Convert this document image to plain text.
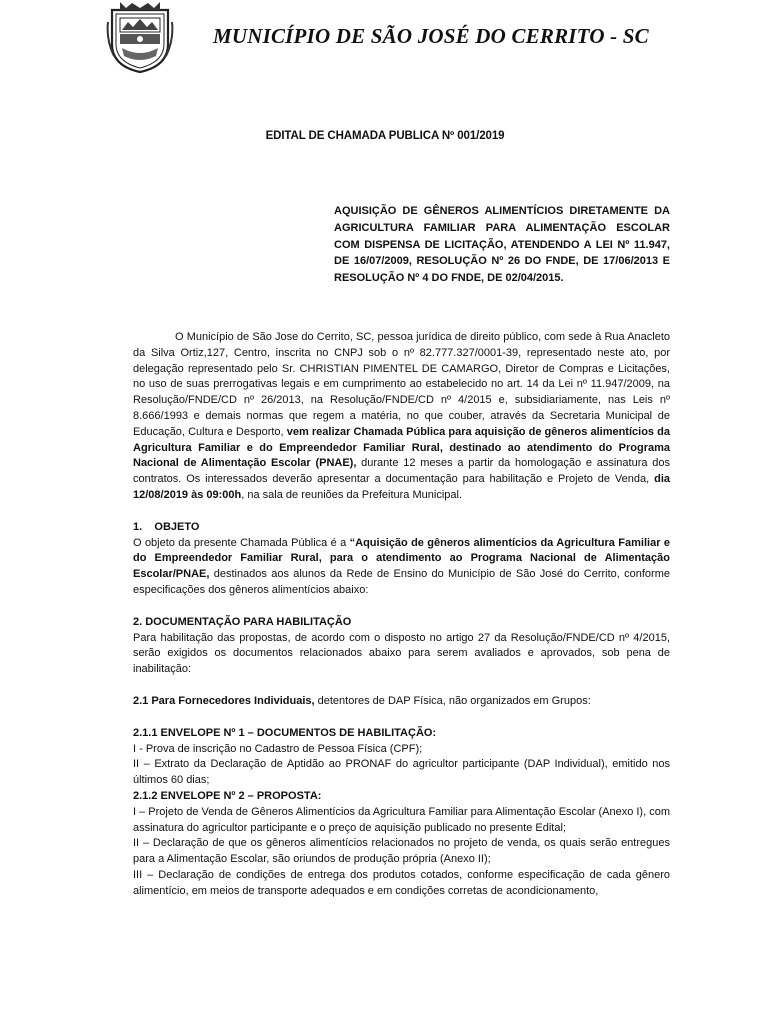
MUNICÍPIO DE SÃO JOSÉ DO CERRITO - SC
EDITAL DE CHAMADA PUBLICA Nº 001/2019
AQUISIÇÃO DE GÊNEROS ALIMENTÍCIOS DIRETAMENTE DA AGRICULTURA FAMILIAR PARA ALIMENTAÇÃO ESCOLAR COM DISPENSA DE LICITAÇÃO, ATENDENDO A LEI Nº 11.947, DE 16/07/2009, RESOLUÇÃO Nº 26 DO FNDE, DE 17/06/2013 E RESOLUÇÃO Nº 4 DO FNDE, DE 02/04/2015.

O Município de São Jose do Cerrito, SC, pessoa jurídica de direito público, com sede à Rua Anacleto da Silva Ortiz,127, Centro, inscrita no CNPJ sob o nº 82.777.327/0001-39, representado neste ato, por delegação representado pelo Sr. CHRISTIAN PIMENTEL DE CAMARGO, Diretor de Compras e Licitações, no uso de suas prerrogativas legais e em cumprimento ao estabelecido no art. 14 da Lei nº 11.947/2009, na Resolução/FNDE/CD nº 26/2013, na Resolução/FNDE/CD nº 4/2015 e, subsidiariamente, nas Leis nº 8.666/1993 e demais normas que regem a matéria, no que couber, através da Secretaria Municipal de Educação, Cultura e Desporto, vem realizar Chamada Pública para aquisição de gêneros alimentícios da Agricultura Familiar e do Empreendedor Familiar Rural, destinado ao atendimento do Programa Nacional de Alimentação Escolar (PNAE), durante 12 meses a partir da homologação e assinatura dos contratos. Os interessados deverão apresentar a documentação para habilitação e Projeto de Venda, dia 12/08/2019 às 09:00h, na sala de reuniões da Prefeitura Municipal.

1.    OBJETO

O objeto da presente Chamada Pública é a “Aquisição de gêneros alimentícios da Agricultura Familiar e do Empreendedor Familiar Rural, para o atendimento ao Programa Nacional de Alimentação Escolar/PNAE, destinados aos alunos da Rede de Ensino do Município de São José do Cerrito, conforme especificações dos gêneros alimentícios abaixo:

2. DOCUMENTAÇÃO PARA HABILITAÇÃO

Para habilitação das propostas, de acordo com o disposto no artigo 27 da Resolução/FNDE/CD nº 4/2015, serão exigidos os documentos relacionados abaixo para serem avaliados e aprovados, sob pena de inabilitação:

2.1 Para Fornecedores Individuais, detentores de DAP Física, não organizados em Grupos:

2.1.1 ENVELOPE Nº 1 – DOCUMENTOS DE HABILITAÇÃO:

I - Prova de inscrição no Cadastro de Pessoa Física (CPF);

II – Extrato da Declaração de Aptidão ao PRONAF do agricultor participante (DAP Individual), emitido nos últimos 60 dias;

2.1.2 ENVELOPE Nº 2 – PROPOSTA:

I – Projeto de Venda de Gêneros Alimentícios da Agricultura Familiar para Alimentação Escolar (Anexo I), com assinatura do agricultor participante e o preço de aquisição publicado no presente Edital;

II – Declaração de que os gêneros alimentícios relacionados no projeto de venda, os quais serão entregues para a Alimentação Escolar, são oriundos de produção própria (Anexo II);

III – Declaração de condições de entrega dos produtos cotados, conforme especificação de cada gênero alimentício, em meios de transporte adequados e em condições corretas de acondicionamento,
